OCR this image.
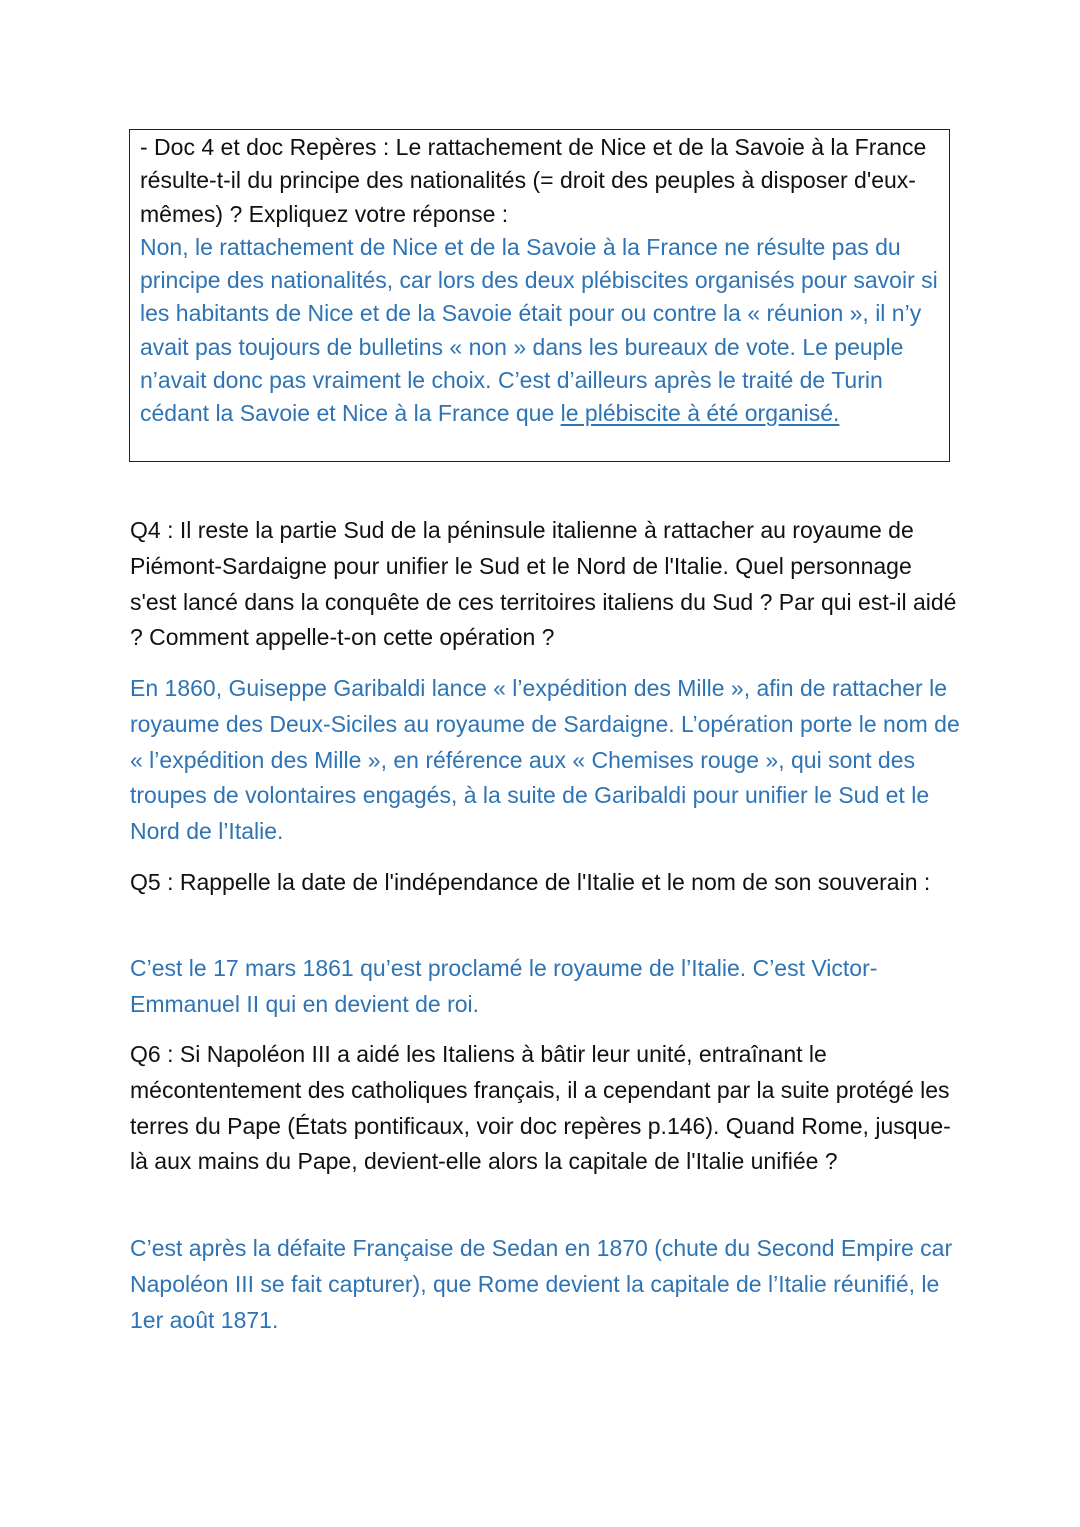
- Doc 4 et doc Repères : Le rattachement de Nice et de la Savoie à la France résulte-t-il du principe des nationalités (= droit des peuples à disposer d'eux-mêmes) ? Expliquez votre réponse :

Non, le rattachement de Nice et de la Savoie à la France ne résulte pas du principe des nationalités, car lors des deux plébiscites organisés pour savoir si les habitants de Nice et de la Savoie était pour ou contre la « réunion », il n’y avait pas toujours de bulletins « non » dans les bureaux de vote. Le peuple n’avait donc pas vraiment le choix. C’est d’ailleurs après le traité de Turin cédant la Savoie et Nice à la France que le plébiscite à été organisé.

Q4 : Il reste la partie Sud de la péninsule italienne à rattacher au royaume de Piémont-Sardaigne pour unifier le Sud et le Nord de l'Italie. Quel personnage s'est lancé dans la conquête de ces territoires italiens du Sud ? Par qui est-il aidé ? Comment appelle-t-on cette opération ?

En 1860, Guiseppe Garibaldi lance « l’expédition des Mille », afin de rattacher le royaume des Deux-Siciles au royaume de Sardaigne. L’opération porte le nom de « l’expédition des Mille », en référence aux « Chemises rouge », qui sont des troupes de volontaires engagés, à la suite de Garibaldi pour unifier le Sud et le Nord de l’Italie.

Q5 : Rappelle la date de l'indépendance de l'Italie et le nom de son souverain :

C’est le 17 mars 1861 qu’est proclamé le royaume de l’Italie. C’est Victor-Emmanuel II qui en devient de roi.

Q6 : Si Napoléon III a aidé les Italiens à bâtir leur unité, entraînant le mécontentement des catholiques français, il a cependant par la suite protégé les terres du Pape (États pontificaux, voir doc repères p.146). Quand Rome, jusque-là aux mains du Pape, devient-elle alors la capitale de l'Italie unifiée ?

C’est après la défaite Française de Sedan en 1870 (chute du Second Empire car Napoléon III se fait capturer), que Rome devient la capitale de l’Italie réunifié, le 1er août 1871.
